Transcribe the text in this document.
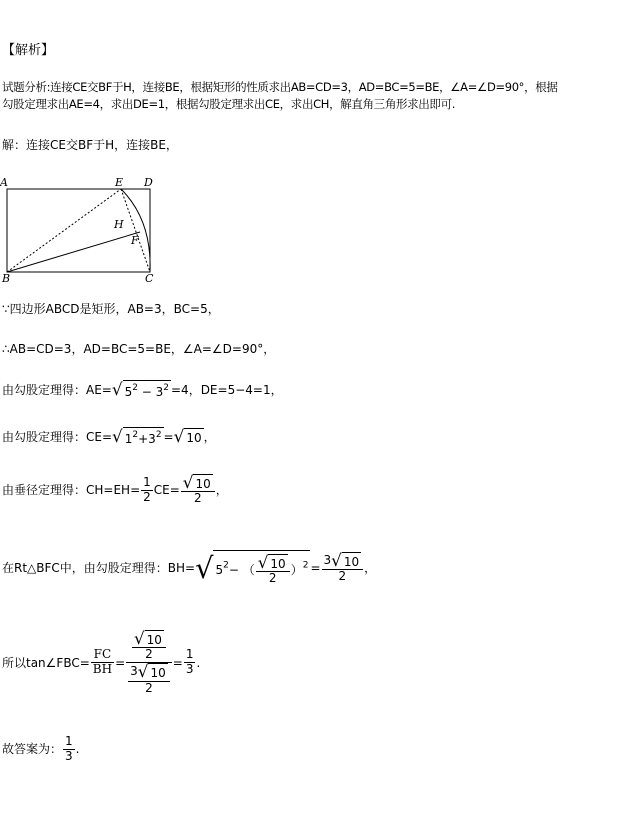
【解析】
试题分析:连接CE交BF于H，连接BE，根据矩形的性质求出AB=CD=3，AD=BC=5=BE，∠A=∠D=90°，根据
勾股定理求出AE=4，求出DE=1，根据勾股定理求出CE，求出CH，解直角三角形求出即可.
解：连接CE交BF于H，连接BE，
A	E D
H
F
B	C
∵四边形ABCD是矩形，AB=3，BC=5，
∴AB=CD=3，AD=BC=5=BE，∠A=∠D=90°，
由勾股定理得：AE=√ $5^2 - 3^2 =4$，DE=5−4=1，
由勾股定理得：CE=√ $1^2+3^2$ =√ 10 ，
由垂径定理得：$CH=EH= \frac{1}{2} CE= \frac{√ 10}{2}$ ，
在Rt△BFC中，由勾股定理得：BH=√ $5^2-$ （ $\frac{√ 10}{2} )^2 = \frac{3√ 10}{2}$ ，
所以tan∠FBC= $\frac{FC}{BH} = \frac{\frac{√ 10}{2}}{\frac{3√ 10}{2}} = \frac{1}{3}$ .
故答案为： $\frac{1}{3}$ .
